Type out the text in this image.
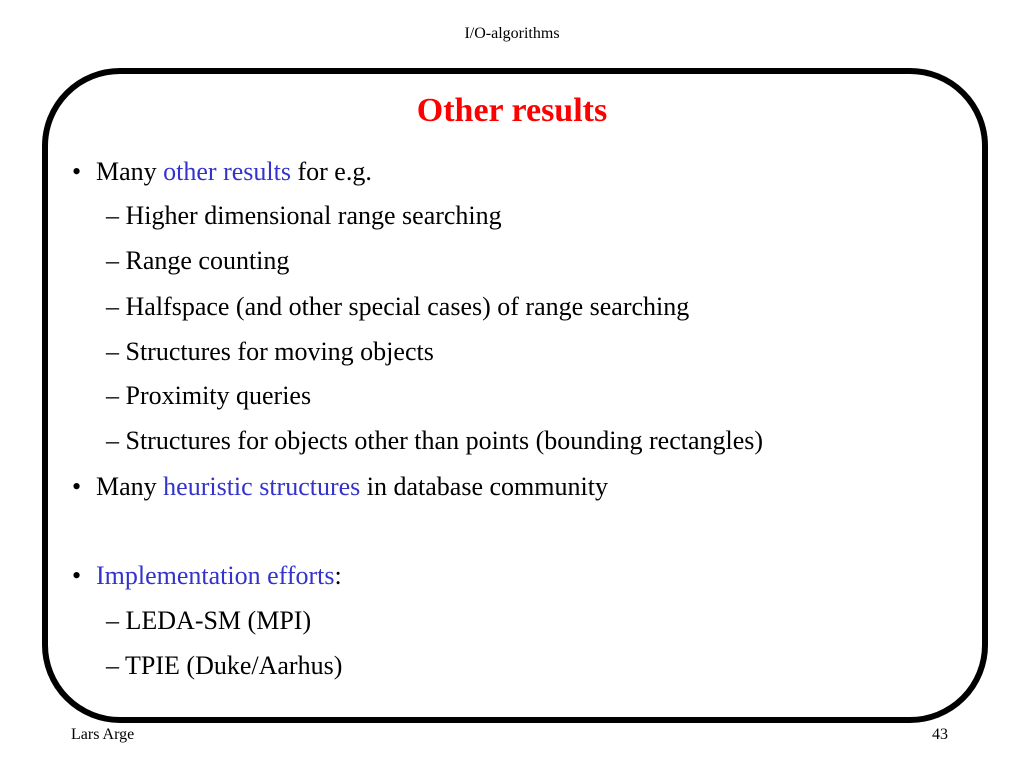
I/O-algorithms
Other results
• Many other results for e.g.
– Higher dimensional range searching
– Range counting
– Halfspace (and other special cases) of range searching
– Structures for moving objects
– Proximity queries
– Structures for objects other than points (bounding rectangles)
• Many heuristic structures in database community
• Implementation efforts:
– LEDA-SM (MPI)
– TPIE (Duke/Aarhus)
Lars Arge	43
